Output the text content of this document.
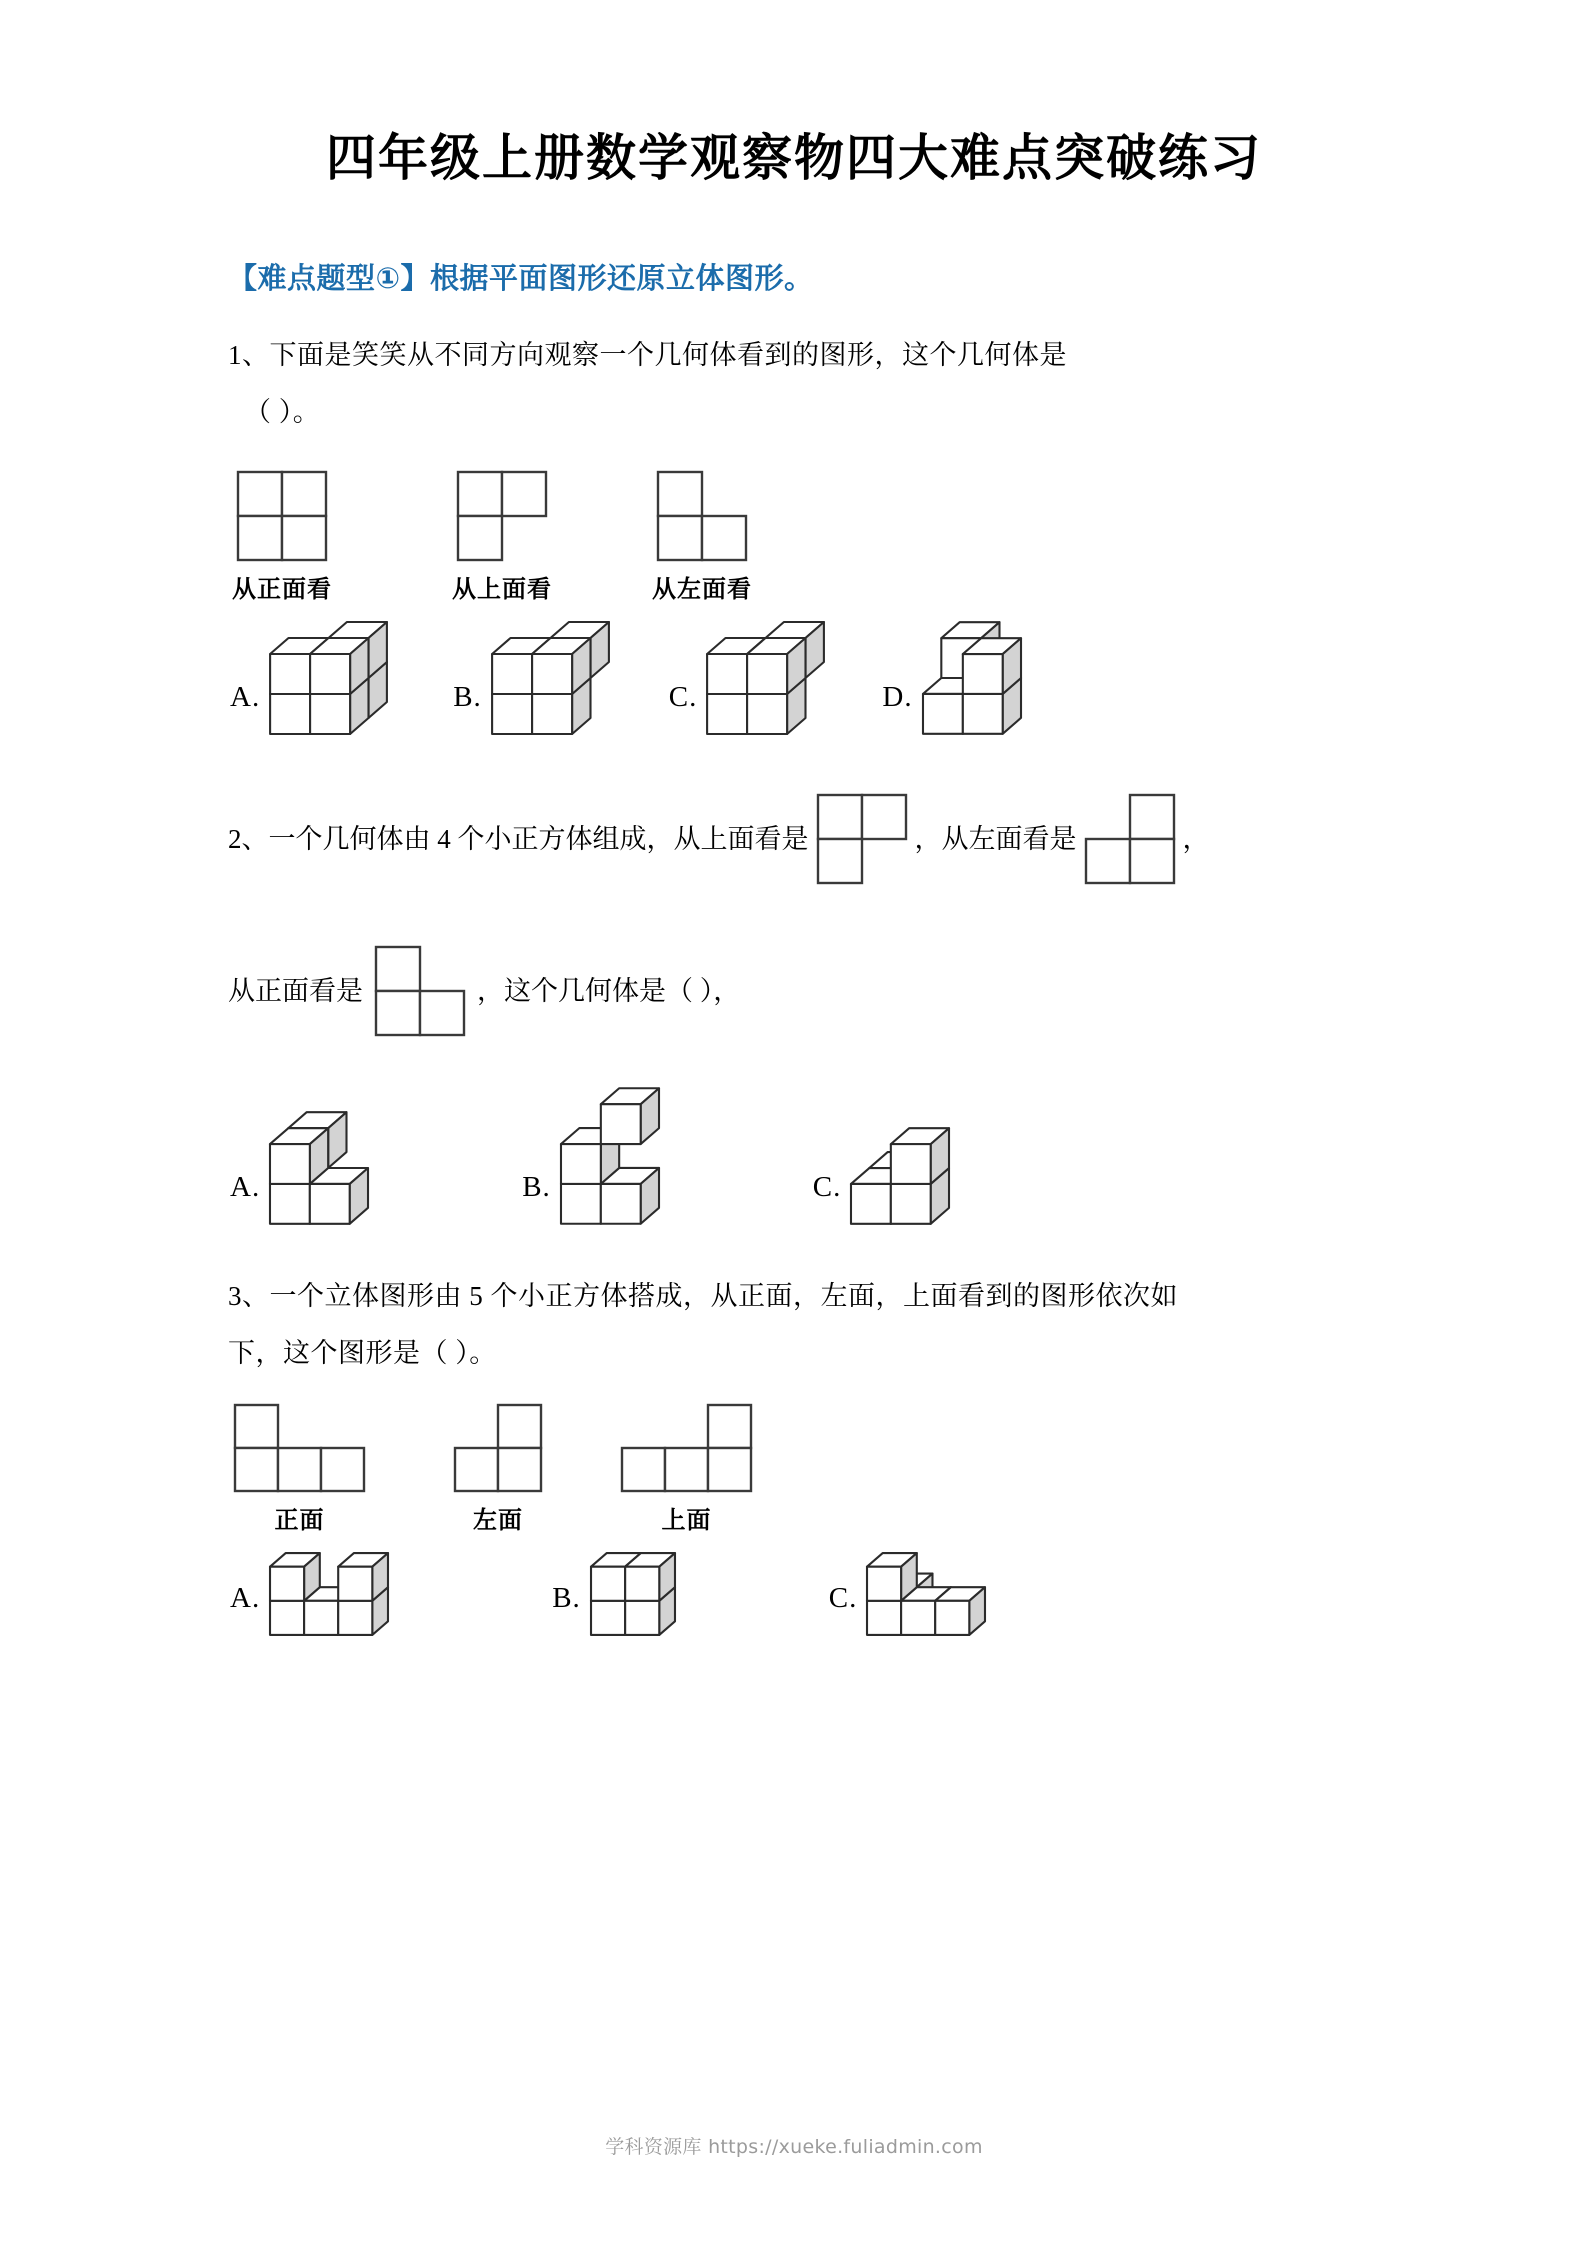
四年级上册数学观察物四大难点突破练习
【难点题型①】根据平面图形还原立体图形。
1、下面是笑笑从不同方向观察一个几何体看到的图形，这个几何体是
（ ）。
从正面看	从上面看	从左面看
A.	B.	C.	D.
2、一个几何体由 4 个小正方体组成，从上面看是	，从左面看是	，
从正面看是	，这个几何体是（ ），
A.	B.	C.
3、一个立体图形由 5 个小正方体搭成，从正面，左面，上面看到的图形依次如
下，这个图形是（ ）。
正面	左面	上面
A.	B.	C.
学科资源库 https://xueke.fuliadmin.com
